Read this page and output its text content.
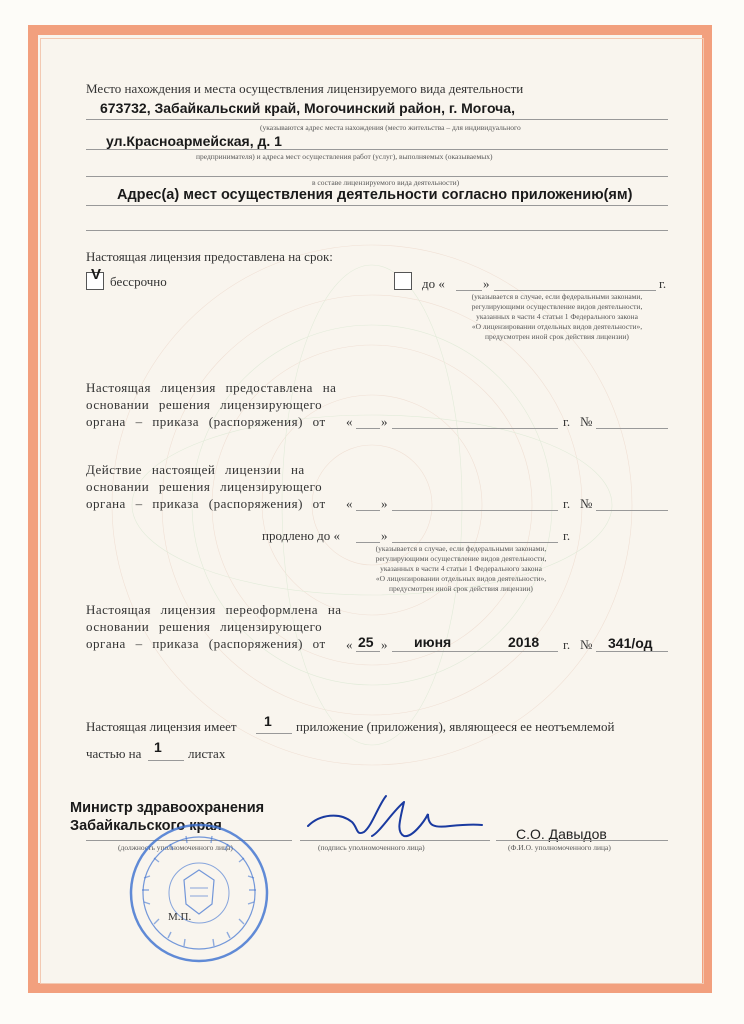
Место нахождения и места осуществления лицензируемого вида деятельности
673732, Забайкальский край, Могочинский район, г. Могоча,
(указываются адрес места нахождения (место жительства – для индивидуального
ул.Красноармейская, д. 1
предпринимателя) и адреса мест осуществления работ (услуг), выполняемых (оказываемых)
в составе лицензируемого вида деятельности)
Адрес(а) мест осуществления деятельности согласно приложению(ям)
Настоящая лицензия предоставлена на срок:
V бессрочно	до «	»	г.
(указывается в случае, если федеральными законами,
регулирующими осуществление видов деятельности,
указанных в части 4 статьи 1 Федерального закона
«О лицензировании отдельных видов деятельности»,
предусмотрен иной срок действия лицензии)
Настоящая лицензия предоставлена на
основании решения лицензирующего
органа – приказа (распоряжения) от « »	г. №
Действие настоящей лицензии на
основании решения лицензирующего
органа – приказа (распоряжения) от « »	г. №
продлено до «	»	г.
(указывается в случае, если федеральными законами,
регулирующими осуществление видов деятельности,
указанных в части 4 статьи 1 Федерального закона
«О лицензировании отдельных видов деятельности»,
предусмотрен иной срок действия лицензии)
Настоящая лицензия переоформлена на
основании решения лицензирующего
органа – приказа (распоряжения) от « 25 » июня	2018 г. № 341/од
Настоящая лицензия имеет 1 приложение (приложения), являющееся ее неотъемлемой
частью на 1 листах
Министр здравоохранения
Забайкальского края
(должность уполномоченного лица)	(подпись уполномоченного лица)
С.О. Давыдов
(Ф.И.О. уполномоченного лица)
М.П.
